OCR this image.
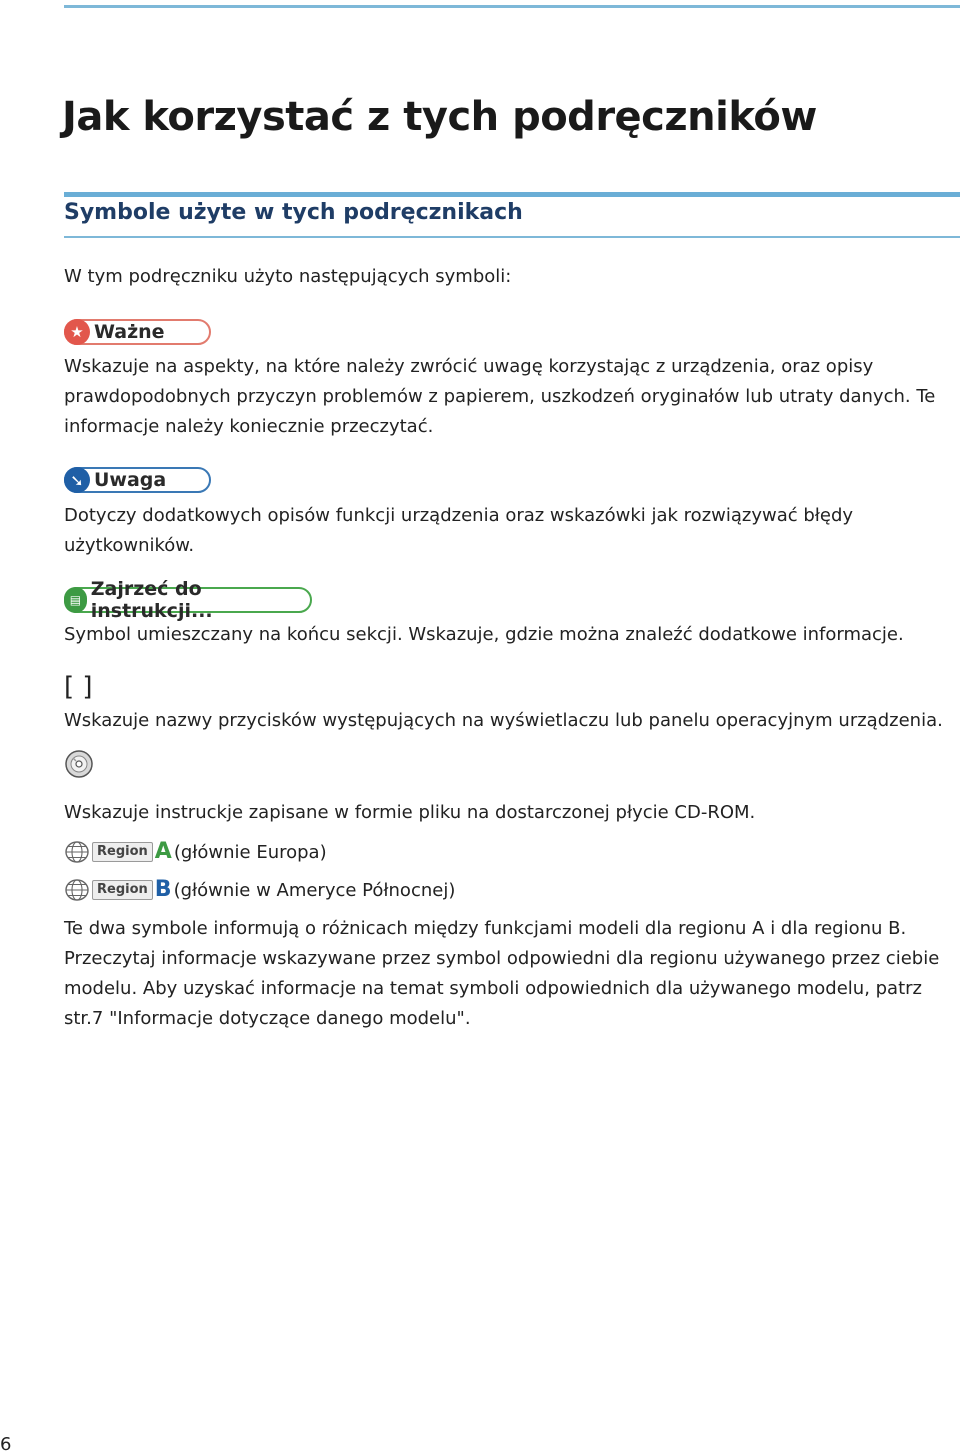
Jak korzystać z tych podręczników
Symbole użyte w tych podręcznikach

W tym podręczniku użyto następujących symboli:

★ Ważne

Wskazuje na aspekty, na które należy zwrócić uwagę korzystając z urządzenia, oraz opisy

prawdopodobnych przyczyn problemów z papierem, uszkodzeń oryginałów lub utraty danych. Te

informacje należy koniecznie przeczytać.

➘ Uwaga

Dotyczy dodatkowych opisów funkcji urządzenia oraz wskazówki jak rozwiązywać błędy

użytkowników.

▤ Zajrzeć do instrukcji...

Symbol umieszczany na końcu sekcji. Wskazuje, gdzie można znaleźć dodatkowe informacje.

[ ]

Wskazuje nazwy przycisków występujących na wyświetlaczu lub panelu operacyjnym urządzenia.

Wskazuje instruckje zapisane w formie pliku na dostarczonej płycie CD-ROM.

Region A (głównie Europa)
Region B (głównie w Ameryce Północnej)

Te dwa symbole informują o różnicach między funkcjami modeli dla regionu A i dla regionu B.

Przeczytaj informacje wskazywane przez symbol odpowiedni dla regionu używanego przez ciebie

modelu. Aby uzyskać informacje na temat symboli odpowiednich dla używanego modelu, patrz

str.7 "Informacje dotyczące danego modelu".

6
